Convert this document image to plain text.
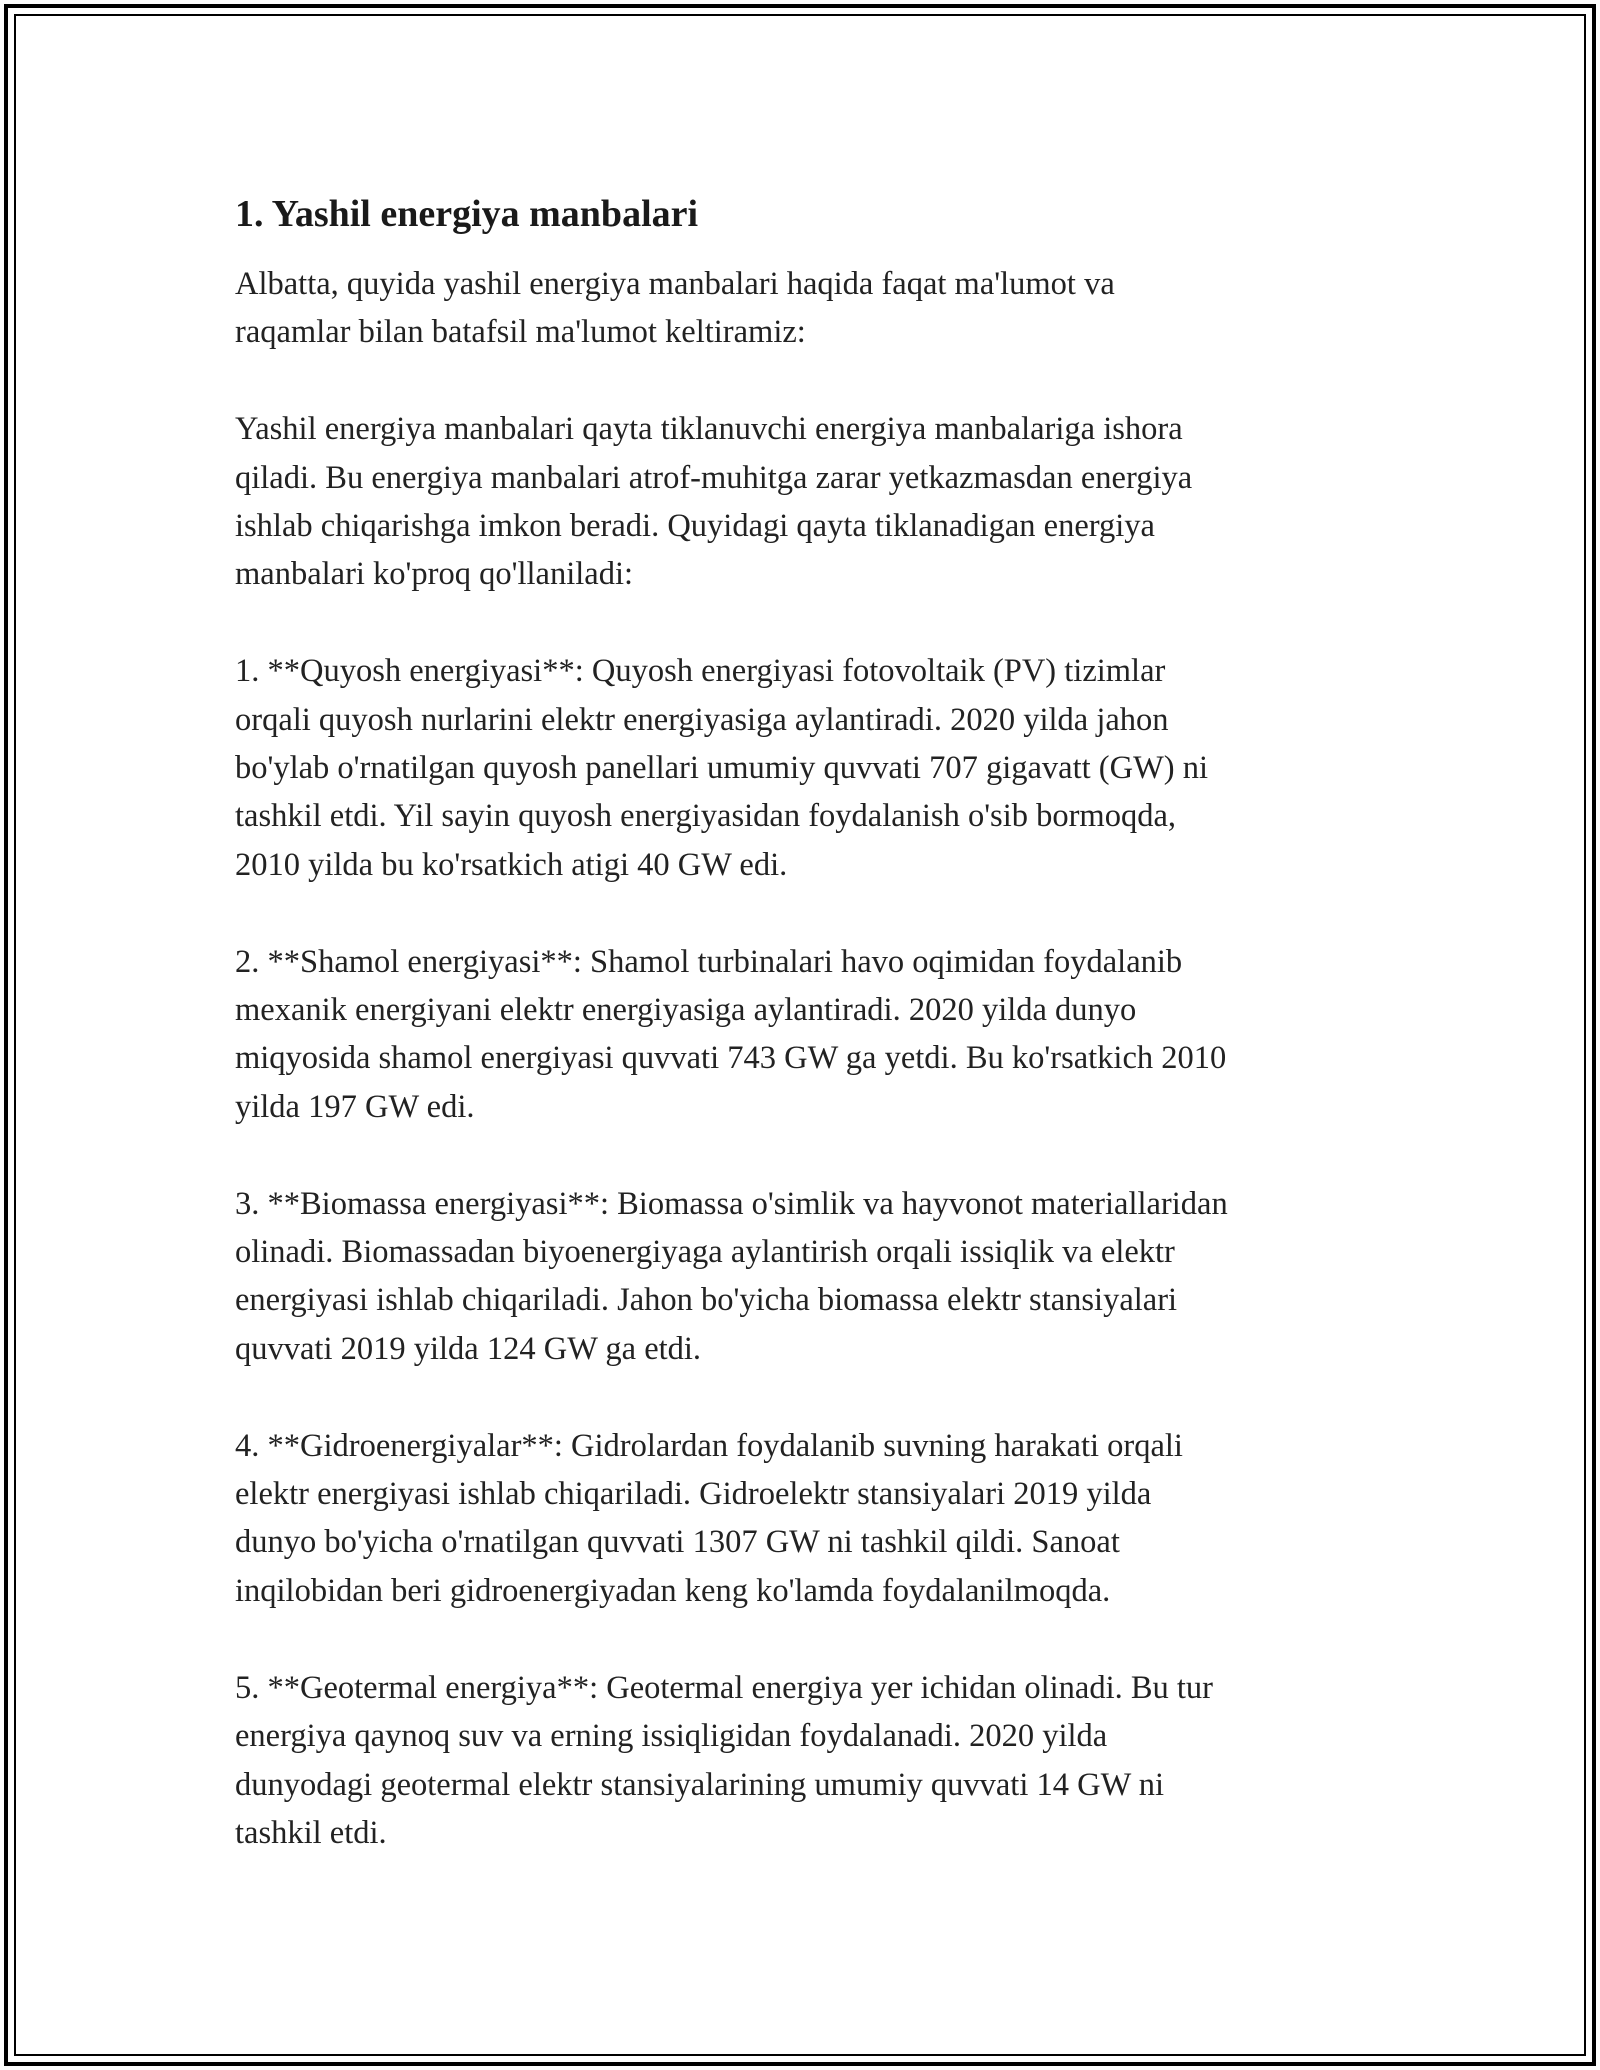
1. Yashil energiya manbalari

Albatta, quyida yashil energiya manbalari haqida faqat ma'lumot va
raqamlar bilan batafsil ma'lumot keltiramiz:

Yashil energiya manbalari qayta tiklanuvchi energiya manbalariga ishora
qiladi. Bu energiya manbalari atrof-muhitga zarar yetkazmasdan energiya
ishlab chiqarishga imkon beradi. Quyidagi qayta tiklanadigan energiya
manbalari ko'proq qo'llaniladi:

1. **Quyosh energiyasi**: Quyosh energiyasi fotovoltaik (PV) tizimlar
orqali quyosh nurlarini elektr energiyasiga aylantiradi. 2020 yilda jahon
bo'ylab o'rnatilgan quyosh panellari umumiy quvvati 707 gigavatt (GW) ni
tashkil etdi. Yil sayin quyosh energiyasidan foydalanish o'sib bormoqda,
2010 yilda bu ko'rsatkich atigi 40 GW edi.

2. **Shamol energiyasi**: Shamol turbinalari havo oqimidan foydalanib
mexanik energiyani elektr energiyasiga aylantiradi. 2020 yilda dunyo
miqyosida shamol energiyasi quvvati 743 GW ga yetdi. Bu ko'rsatkich 2010
yilda 197 GW edi.

3. **Biomassa energiyasi**: Biomassa o'simlik va hayvonot materiallaridan
olinadi. Biomassadan biyoenergiyaga aylantirish orqali issiqlik va elektr
energiyasi ishlab chiqariladi. Jahon bo'yicha biomassa elektr stansiyalari
quvvati 2019 yilda 124 GW ga etdi.

4. **Gidroenergiyalar**: Gidrolardan foydalanib suvning harakati orqali
elektr energiyasi ishlab chiqariladi. Gidroelektr stansiyalari 2019 yilda
dunyo bo'yicha o'rnatilgan quvvati 1307 GW ni tashkil qildi. Sanoat
inqilobidan beri gidroenergiyadan keng ko'lamda foydalanilmoqda.

5. **Geotermal energiya**: Geotermal energiya yer ichidan olinadi. Bu tur
energiya qaynoq suv va erning issiqligidan foydalanadi. 2020 yilda
dunyodagi geotermal elektr stansiyalarining umumiy quvvati 14 GW ni
tashkil etdi.
